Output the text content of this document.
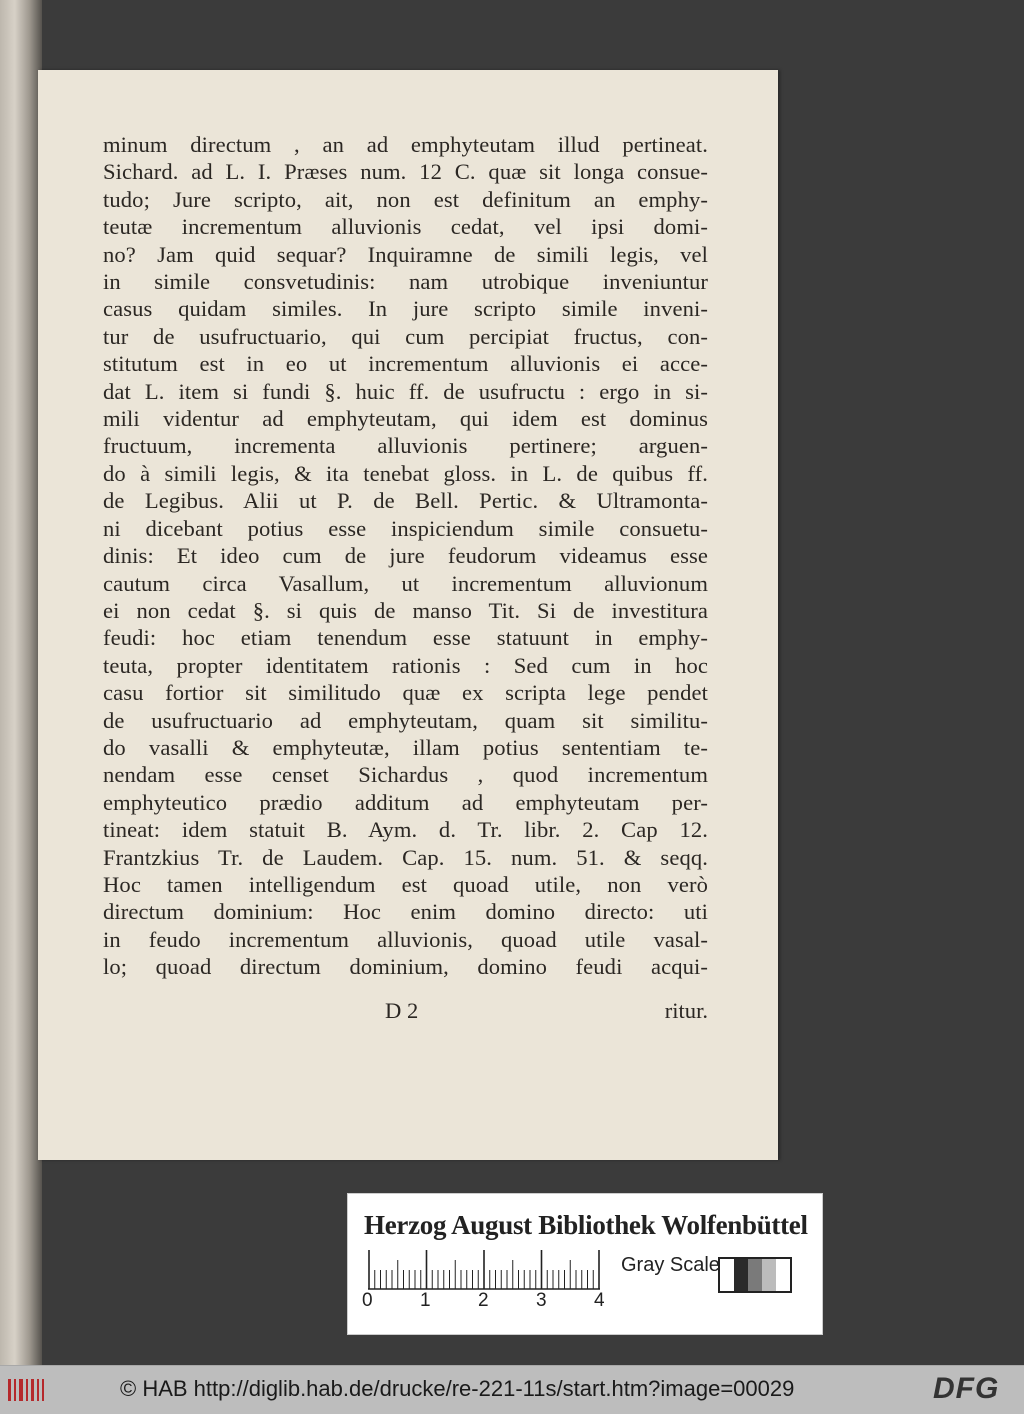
minum directum , an ad emphyteutam illud pertineat.
Sichard. ad L. I. Præses num. 12 C. quæ sit longa consue-
tudo; Jure scripto, ait, non est definitum an emphy-
teutæ incrementum alluvionis cedat, vel ipsi domi-
no? Jam quid sequar? Inquiramne de simili legis, vel
in simile consvetudinis: nam utrobique inveniuntur
casus quidam similes. In jure scripto simile inveni-
tur de usufructuario, qui cum percipiat fructus, con-
stitutum est in eo ut incrementum alluvionis ei acce-
dat L. item si fundi §. huic ff. de usufructu : ergo in si-
mili videntur ad emphyteutam, qui idem est dominus
fructuum, incrementa alluvionis pertinere; arguen-
do à simili legis, & ita tenebat gloss. in L. de quibus ff.
de Legibus. Alii ut P. de Bell. Pertic. & Ultramonta-
ni dicebant potius esse inspiciendum simile consuetu-
dinis: Et ideo cum de jure feudorum videamus esse
cautum circa Vasallum, ut incrementum alluvionum
ei non cedat §. si quis de manso Tit. Si de investitura
feudi: hoc etiam tenendum esse statuunt in emphy-
teuta, propter identitatem rationis : Sed cum in hoc
casu fortior sit similitudo quæ ex scripta lege pendet
de usufructuario ad emphyteutam, quam sit similitu-
do vasalli & emphyteutæ, illam potius sententiam te-
nendam esse censet Sichardus , quod incrementum
emphyteutico prædio additum ad emphyteutam per-
tineat: idem statuit B. Aym. d. Tr. libr. 2. Cap 12.
Frantzkius Tr. de Laudem. Cap. 15. num. 51. & seqq.
Hoc tamen intelligendum est quoad utile, non verò
directum dominium: Hoc enim domino directo: uti
in feudo incrementum alluvionis, quoad utile vasal-
lo; quoad directum dominium, domino feudi acqui-
D 2	ritur.
Herzog August Bibliothek Wolfenbüttel
0 1 2 3 4
Gray Scale
© HAB http://diglib.hab.de/drucke/re-221-11s/start.htm?image=00029	DFG
